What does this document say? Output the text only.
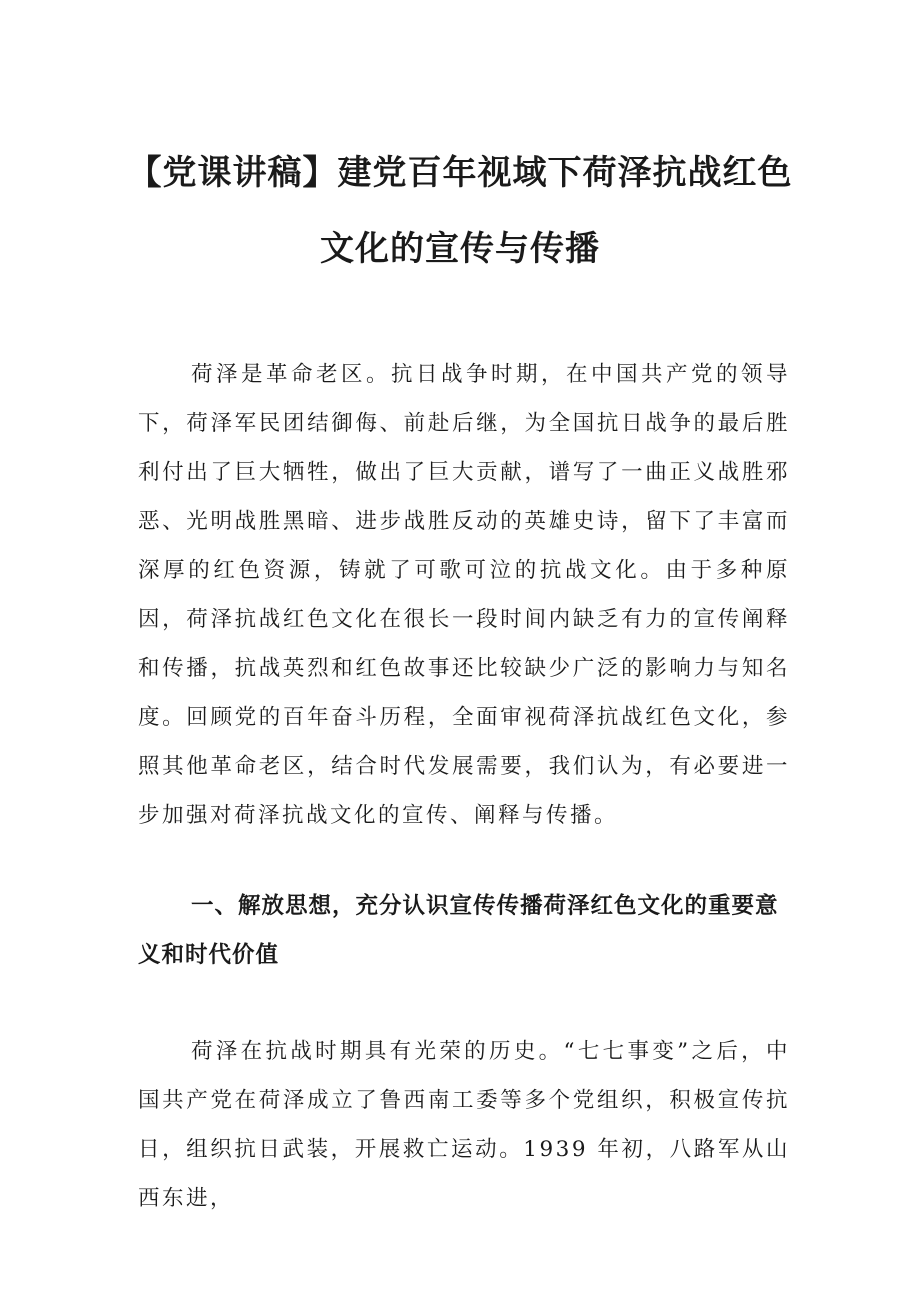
【党课讲稿】建党百年视域下荷泽抗战红色
文化的宣传与传播

荷泽是革命老区。抗日战争时期，在中国共产党的领导下，荷泽军民团结御侮、前赴后继，为全国抗日战争的最后胜利付出了巨大牺牲，做出了巨大贡献，谱写了一曲正义战胜邪恶、光明战胜黑暗、进步战胜反动的英雄史诗，留下了丰富而深厚的红色资源，铸就了可歌可泣的抗战文化。由于多种原因，荷泽抗战红色文化在很长一段时间内缺乏有力的宣传阐释和传播，抗战英烈和红色故事还比较缺少广泛的影响力与知名度。回顾党的百年奋斗历程，全面审视荷泽抗战红色文化，参照其他革命老区，结合时代发展需要，我们认为，有必要进一步加强对荷泽抗战文化的宣传、阐释与传播。

一、解放思想，充分认识宣传传播荷泽红色文化的重要意义和时代价值

荷泽在抗战时期具有光荣的历史。“七七事变”之后，中国共产党在荷泽成立了鲁西南工委等多个党组织，积极宣传抗日，组织抗日武装，开展救亡运动。1939 年初，八路军从山西东进，
